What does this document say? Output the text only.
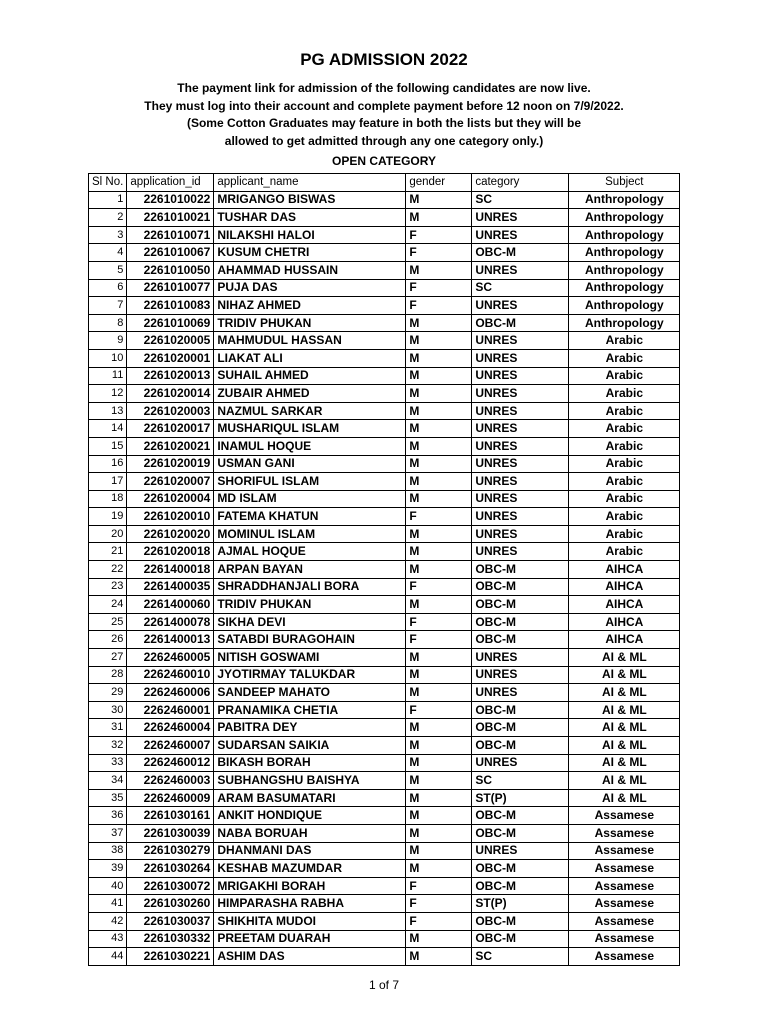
PG ADMISSION 2022
The payment link for admission of the following candidates are now live.
They must log into their account and complete payment before 12 noon on 7/9/2022.
(Some Cotton Graduates may feature in both the lists but they will be
allowed to get admitted through any one category only.)
OPEN CATEGORY
Sl No.	application_id	applicant_name	gender	category	Subject
1	2261010022	MRIGANGO BISWAS	M	SC	Anthropology
2	2261010021	TUSHAR DAS	M	UNRES	Anthropology
3	2261010071	NILAKSHI HALOI	F	UNRES	Anthropology
4	2261010067	KUSUM CHETRI	F	OBC-M	Anthropology
5	2261010050	AHAMMAD HUSSAIN	M	UNRES	Anthropology
6	2261010077	PUJA DAS	F	SC	Anthropology
7	2261010083	NIHAZ AHMED	F	UNRES	Anthropology
8	2261010069	TRIDIV PHUKAN	M	OBC-M	Anthropology
9	2261020005	MAHMUDUL HASSAN	M	UNRES	Arabic
10	2261020001	LIAKAT ALI	M	UNRES	Arabic
11	2261020013	SUHAIL AHMED	M	UNRES	Arabic
12	2261020014	ZUBAIR AHMED	M	UNRES	Arabic
13	2261020003	NAZMUL SARKAR	M	UNRES	Arabic
14	2261020017	MUSHARIQUL ISLAM	M	UNRES	Arabic
15	2261020021	INAMUL HOQUE	M	UNRES	Arabic
16	2261020019	USMAN GANI	M	UNRES	Arabic
17	2261020007	SHORIFUL ISLAM	M	UNRES	Arabic
18	2261020004	MD ISLAM	M	UNRES	Arabic
19	2261020010	FATEMA KHATUN	F	UNRES	Arabic
20	2261020020	MOMINUL ISLAM	M	UNRES	Arabic
21	2261020018	AJMAL HOQUE	M	UNRES	Arabic
22	2261400018	ARPAN BAYAN	M	OBC-M	AIHCA
23	2261400035	SHRADDHANJALI BORA	F	OBC-M	AIHCA
24	2261400060	TRIDIV PHUKAN	M	OBC-M	AIHCA
25	2261400078	SIKHA DEVI	F	OBC-M	AIHCA
26	2261400013	SATABDI BURAGOHAIN	F	OBC-M	AIHCA
27	2262460005	NITISH GOSWAMI	M	UNRES	AI & ML
28	2262460010	JYOTIRMAY TALUKDAR	M	UNRES	AI & ML
29	2262460006	SANDEEP MAHATO	M	UNRES	AI & ML
30	2262460001	PRANAMIKA CHETIA	F	OBC-M	AI & ML
31	2262460004	PABITRA DEY	M	OBC-M	AI & ML
32	2262460007	SUDARSAN SAIKIA	M	OBC-M	AI & ML
33	2262460012	BIKASH BORAH	M	UNRES	AI & ML
34	2262460003	SUBHANGSHU BAISHYA	M	SC	AI & ML
35	2262460009	ARAM BASUMATARI	M	ST(P)	AI & ML
36	2261030161	ANKIT HONDIQUE	M	OBC-M	Assamese
37	2261030039	NABA BORUAH	M	OBC-M	Assamese
38	2261030279	DHANMANI DAS	M	UNRES	Assamese
39	2261030264	KESHAB MAZUMDAR	M	OBC-M	Assamese
40	2261030072	MRIGAKHI BORAH	F	OBC-M	Assamese
41	2261030260	HIMPARASHA RABHA	F	ST(P)	Assamese
42	2261030037	SHIKHITA MUDOI	F	OBC-M	Assamese
43	2261030332	PREETAM DUARAH	M	OBC-M	Assamese
44	2261030221	ASHIM DAS	M	SC	Assamese
1 of 7
